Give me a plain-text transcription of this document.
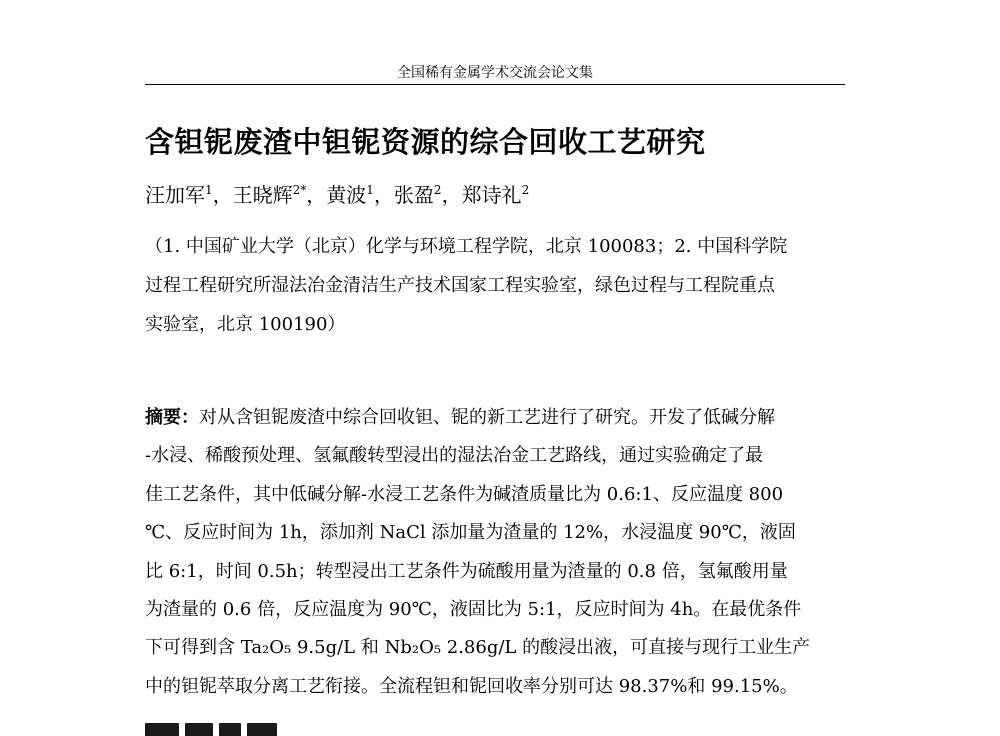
全国稀有金属学术交流会论文集
含钽铌废渣中钽铌资源的综合回收工艺研究
汪加军$^1$，王晓辉$^{2*}$，黄波$^1$，张盈$^2$，郑诗礼$^2$
（1. 中国矿业大学（北京）化学与环境工程学院，北京 100083；2. 中国科学院
过程工程研究所湿法冶金清洁生产技术国家工程实验室，绿色过程与工程院重点
实验室，北京 100190）
摘要：对从含钽铌废渣中综合回收钽、铌的新工艺进行了研究。开发了低碱分解
-水浸、稀酸预处理、氢氟酸转型浸出的湿法冶金工艺路线，通过实验确定了最
佳工艺条件，其中低碱分解-水浸工艺条件为碱渣质量比为 0.6:1、反应温度 800
℃、反应时间为 1h，添加剂 NaCl 添加量为渣量的 12%，水浸温度 90℃，液固
比 6:1，时间 0.5h；转型浸出工艺条件为硫酸用量为渣量的 0.8 倍，氢氟酸用量
为渣量的 0.6 倍，反应温度为 90℃，液固比为 5:1，反应时间为 4h。在最优条件
下可得到含 Ta₂O₅ 9.5g/L 和 Nb₂O₅ 2.86g/L 的酸浸出液，可直接与现行工业生产
中的钽铌萃取分离工艺衔接。全流程钽和铌回收率分别可达 98.37%和 99.15%。
